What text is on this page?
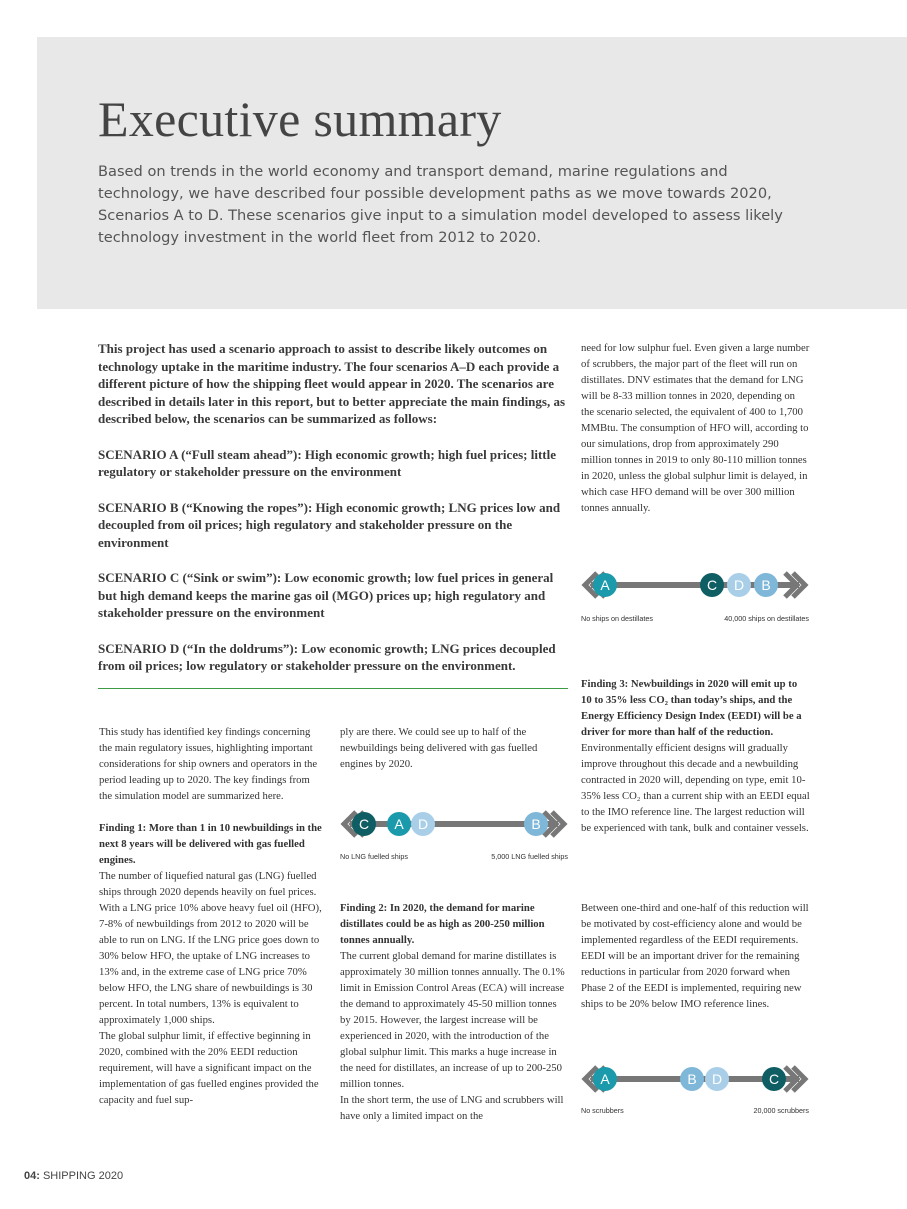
Executive summary

Based on trends in the world economy and transport demand, marine regulations and technology, we have described four possible development paths as we move towards 2020, Scenarios A to D. These scenarios give input to a simulation model developed to assess likely technology investment in the world fleet from 2012 to 2020.

This project has used a scenario approach to assist to describe likely outcomes on technology uptake in the maritime industry. The four scenarios A–D each provide a different picture of how the shipping fleet would appear in 2020. The scenarios are described in details later in this report, but to better appreciate the main findings, as described below, the scenarios can be summarized as follows:

SCENARIO A (“Full steam ahead”): High economic growth; high fuel prices; little regulatory or stakeholder pressure on the environment

SCENARIO B (“Knowing the ropes”): High economic growth; LNG prices low and decoupled from oil prices; high regulatory and stakeholder pressure on the environment

SCENARIO C (“Sink or swim”): Low economic growth; low fuel prices in general but high demand keeps the marine gas oil (MGO) prices up; high regulatory and stakeholder pressure on the environment

SCENARIO D (“In the doldrums”): Low economic growth; LNG prices decoupled from oil prices; low regulatory or stakeholder pressure on the environment.

This study has identified key findings concerning the main regulatory issues, highlighting important considerations for ship owners and operators in the period leading up to 2020. The key findings from the simulation model are summarized here.

Finding 1: More than 1 in 10 newbuildings in the next 8 years will be delivered with gas fuelled engines.

The number of liquefied natural gas (LNG) fuelled ships through 2020 depends heavily on fuel prices. With a LNG price 10% above heavy fuel oil (HFO), 7-8% of newbuildings from 2012 to 2020 will be able to run on LNG. If the LNG price goes down to 30% below HFO, the uptake of LNG increases to 13% and, in the extreme case of LNG price 70% below HFO, the LNG share of newbuildings is 30 percent. In total numbers, 13% is equivalent to approximately 1,000 ships.

The global sulphur limit, if effective beginning in 2020, combined with the 20% EEDI reduction requirement, will have a significant impact on the implementation of gas fuelled engines provided the capacity and fuel sup-

ply are there. We could see up to half of the newbuildings being delivered with gas fuelled engines by 2020.

C A D	B
No LNG fuelled ships	5,000 LNG fuelled ships

Finding 2: In 2020, the demand for marine distillates could be as high as 200-250 million tonnes annually.

The current global demand for marine distillates is approximately 30 million tonnes annually. The 0.1% limit in Emission Control Areas (ECA) will increase the demand to approximately 45-50 million tonnes by 2015. However, the largest increase will be experienced in 2020, with the introduction of the global sulphur limit. This marks a huge increase in the need for distillates, an increase of up to 200-250 million tonnes.

In the short term, the use of LNG and scrubbers will have only a limited impact on the

need for low sulphur fuel. Even given a large number of scrubbers, the major part of the fleet will run on distillates. DNV estimates that the demand for LNG will be 8-33 million tonnes in 2020, depending on the scenario selected, the equivalent of 400 to 1,700 MMBtu. The consumption of HFO will, according to our simulations, drop from approximately 290 million tonnes in 2019 to only 80-110 million tonnes in 2020, unless the global sulphur limit is delayed, in which case HFO demand will be over 300 million tonnes annually.

A	C D B
No ships on destillates	40,000 ships on destillates

Finding 3: Newbuildings in 2020 will emit up to 10 to 35% less CO₂ than today’s ships, and the Energy Efficiency Design Index (EEDI) will be a driver for more than half of the reduction.

Environmentally efficient designs will gradually improve throughout this decade and a newbuilding contracted in 2020 will, depending on type, emit 10-35% less CO₂ than a current ship with an EEDI equal to the IMO reference line. The largest reduction will be experienced with tank, bulk and container vessels.

Between one-third and one-half of this reduction will be motivated by cost-efficiency alone and would be implemented regardless of the EEDI requirements. EEDI will be an important driver for the remaining reductions in particular from 2020 forward when Phase 2 of the EEDI is implemented, requiring new ships to be 20% below IMO reference lines.

A	B D	C
No scrubbers	20,000 scrubbers
04: SHIPPING 2020
